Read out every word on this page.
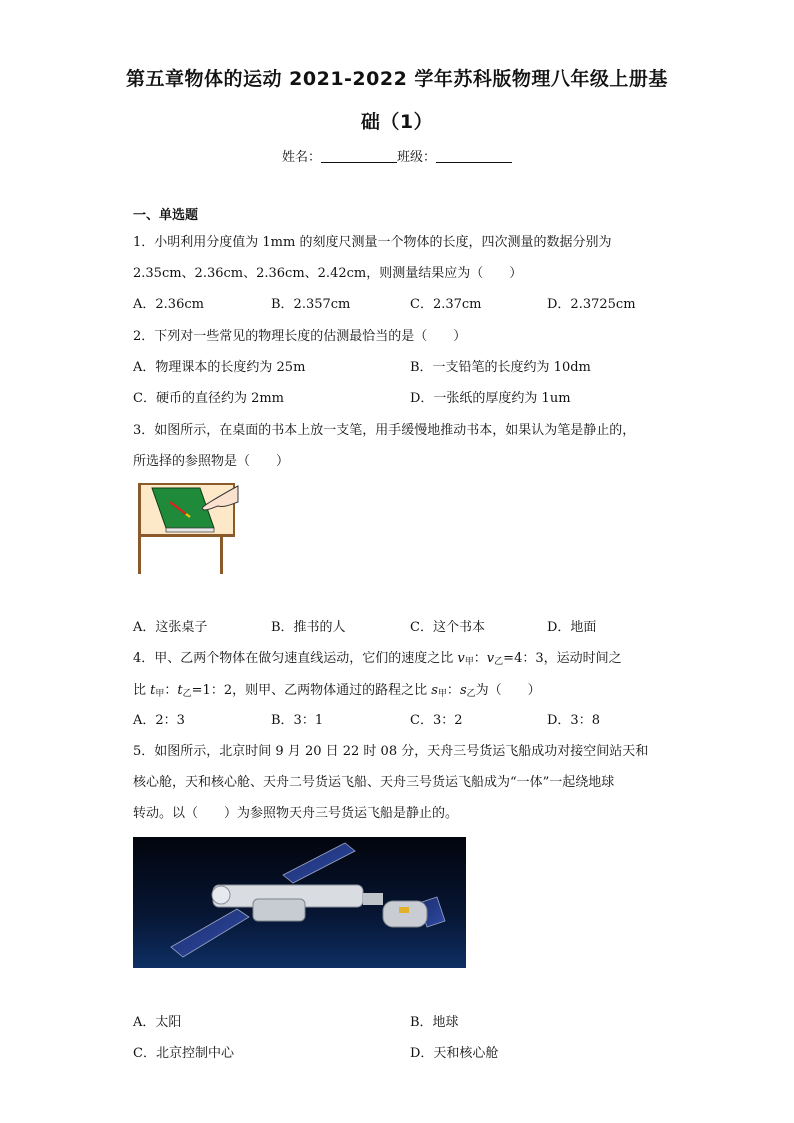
第五章物体的运动 2021-2022 学年苏科版物理八年级上册基
础（1）
姓名：	班级：
一、单选题
1．小明利用分度值为 1mm 的刻度尺测量一个物体的长度，四次测量的数据分别为
2.35cm、2.36cm、2.36cm、2.42cm，则测量结果应为（　　）
A．2.36cm	B．2.357cm	C．2.37cm	D．2.3725cm
2．下列对一些常见的物理长度的估测最恰当的是（　　）
A．物理课本的长度约为 25m	B．一支铅笔的长度约为 10dm
C．硬币的直径约为 2mm	D．一张纸的厚度约为 1um
3．如图所示，在桌面的书本上放一支笔，用手缓慢地推动书本，如果认为笔是静止的，
所选择的参照物是（　　）
A．这张桌子	B．推书的人	C．这个书本	D．地面
4．甲、乙两个物体在做匀速直线运动，它们的速度之比 $v_甲$：$v_乙=4$：3，运动时间之
比 $t_甲$：$t_乙=1$：2，则甲、乙两物体通过的路程之比 $s_甲$：$s_乙$为（　　）
A．2：3	B．3：1	C．3：2	D．3：8
5．如图所示，北京时间 9 月 20 日 22 时 08 分，天舟三号货运飞船成功对接空间站天和
核心舱，天和核心舱、天舟二号货运飞船、天舟三号货运飞船成为“一体”一起绕地球
转动。以（　　）为参照物天舟三号货运飞船是静止的。
A．太阳	B．地球
C．北京控制中心	D．天和核心舱
